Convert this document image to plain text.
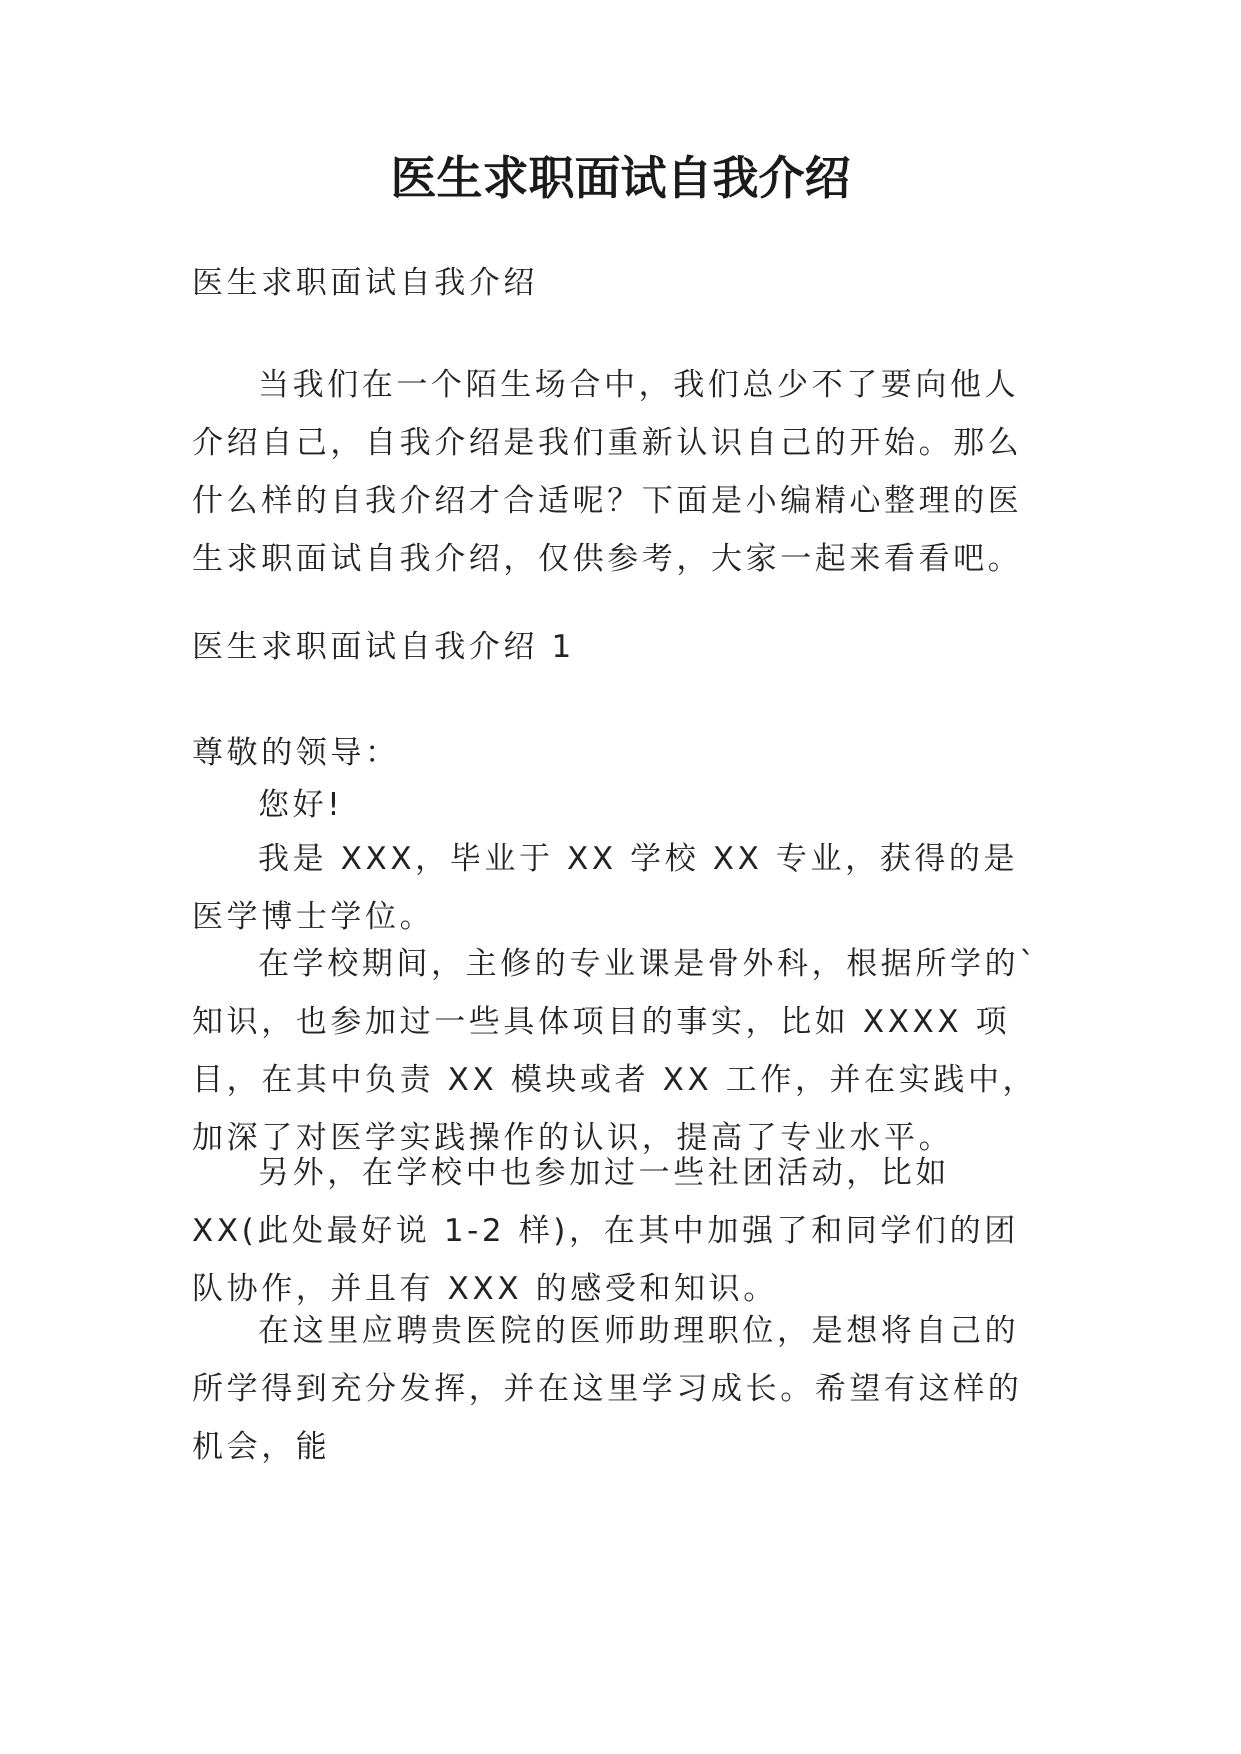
医生求职面试自我介绍

医生求职面试自我介绍

当我们在一个陌生场合中，我们总少不了要向他人介绍自己，自我介绍是我们重新认识自己的开始。那么什么样的自我介绍才合适呢？下面是小编精心整理的医生求职面试自我介绍，仅供参考，大家一起来看看吧。

医生求职面试自我介绍 1

尊敬的领导：

您好!

我是 XXX，毕业于 XX 学校 XX 专业，获得的是医学博士学位。

在学校期间，主修的专业课是骨外科，根据所学的`知识，也参加过一些具体项目的事实，比如 XXXX 项目，在其中负责 XX 模块或者 XX 工作，并在实践中，加深了对医学实践操作的认识，提高了专业水平。

另外，在学校中也参加过一些社团活动，比如 XX(此处最好说 1-2 样)，在其中加强了和同学们的团队协作，并且有 XXX 的感受和知识。

在这里应聘贵医院的医师助理职位，是想将自己的所学得到充分发挥，并在这里学习成长。希望有这样的机会，能
